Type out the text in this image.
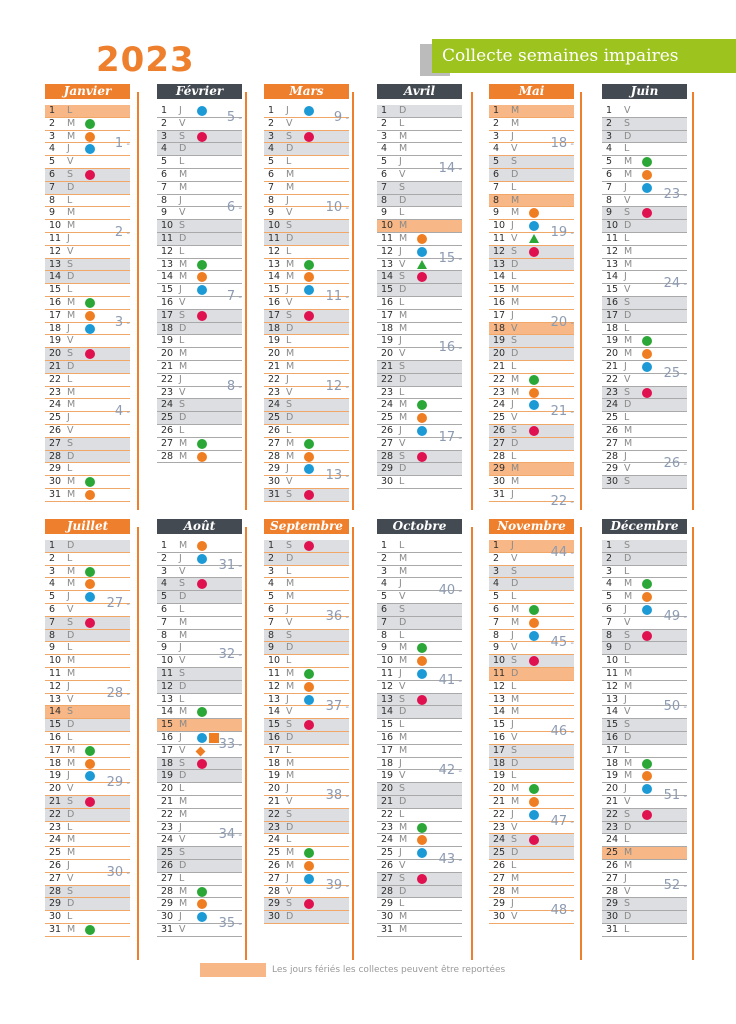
2023	Collecte semaines impaires
Janvier
1	L
2	M
3	M
4	J
5	V
6	S
7	D
8	L
9	M
10 M
11 J
12 V
13 S
14 D
15 L
16 M
17 M
18 J
19 V
20 S
21 D
22 L
23 M
24 M
25 J
26 V
27 S
28 D
29 L
30 M
31 M
1 -
2 -
3 -
4 -
Février
1	J
2	V
3	S
4	D
5	L
6	M
7	M
8	J
9	V
10 S
11 D
12 L
13 M
14 M
15 J
16 V
17 S
18 D
19 L
20 M
21 M
22 J
23 V
24 S
25 D
26 L
27 M
28 M
5 -
6 -
7 -
8 -
Mars
1	J
2	V
3	S
4	D
5	L
6	M
7	M
8	J
9	V
10 S
11 D
12 L
13 M
14 M
15 J
16 V
17 S
18 D
19 L
20 M
21 M
22 J
23 V
24 S
25 D
26 L
27 M
28 M
29 J
30 V
31 S
9 -
10 -
11 -
12 -
13 -
Avril
1	D
2	L
3	M
4	M
5	J
6	V
7	S
8	D
9	L
10 M
11 M
12 J
13 V
14 S
15 D
16 L
17 M
18 M
19 J
20 V
21 S
22 D
23 L
24 M
25 M
26 J
27 V
28 S
29 D
30 L
14 -
15 -
16 -
17 -
Mai
1	M
2	M
3	J
4	V
5	S
6	D
7	L
8	M
9	M
10 J
11 V
12 S
13 D
14 L
15 M
16 M
17 J
18 V
19 S
20 D
21 L
22 M
23 M
24 J
25 V
26 S
27 D
28 L
29 M
30 M
31 J
18 -
19 -
20 -
21 -
22 -
Juin
1	V
2	S
3	D
4	L
5	M
6	M
7	J
8	V
9	S
10 D
11 L
12 M
13 M
14 J
15 V
16 S
17 D
18 L
19 M
20 M
21 J
22 V
23 S
24 D
25 L
26 M
27 M
28 J
29 V
30 S
23 -
24 -
25 -
26 -
Juillet
1	D
2	L
3	M
4	M
5	J
6	V
7	S
8	D
9	L
10 M
11 M
12 J
13 V
14 S
15 D
16 L
17 M
18 M
19 J
20 V
21 S
22 D
23 L
24 M
25 M
26 J
27 V
28 S
29 D
30 L
31 M
27 -
28 -
29 -
30 -
Août
1	M
2	J
3	V
4	S
5	D
6	L
7	M
8	M
9	J
10 V
11 S
12 D
13 L
14 M
15 M
16 J
17 V
18 S
19 D
20 L
21 M
22 M
23 J
24 V
25 S
26 D
27 L
28 M
29 M
30 J
31 V
31 -
32 -
33 -
34 -
35 -
Septembre
1	S
2	D
3	L
4	M
5	M
6	J
7	V
8	S
9	D
10 L
11 M
12 M
13 J
14 V
15 S
16 D
17 L
18 M
19 M
20 J
21 V
22 S
23 D
24 L
25 M
26 M
27 J
28 V
29 S
30 D
36 -
37 -
38 -
39 -
Octobre
1	L
2	M
3	M
4	J
5	V
6	S
7	D
8	L
9	M
10 M
11 J
12 V
13 S
14 D
15 L
16 M
17 M
18 J
19 V
20 S
21 D
22 L
23 M
24 M
25 J
26 V
27 S
28 D
29 L
30 M
31 M
40 -
41 -
42 -
43 -
Novembre
1	J
2	V
3	S
4	D
5	L
6	M
7	M
8	J
9	V
10 S
11 D
12 L
13 M
14 M
15 J
16 V
17 S
18 D
19 L
20 M
21 M
22 J
23 V
24 S
25 D
26 L
27 M
28 M
29 J
30 V
44 -
45 -
46 -
47 -
48 -
Décembre
1	S
2	D
3	L
4	M
5	M
6	J
7	V
8	S
9	D
10 L
11 M
12 M
13 J
14 V
15 S
16 D
17 L
18 M
19 M
20 J
21 V
22 S
23 D
24 L
25 M
26 M
27 J
28 V
29 S
30 D
31 L
49 -
50 -
51 -
52 -
Les jours fériés les collectes peuvent être reportées
